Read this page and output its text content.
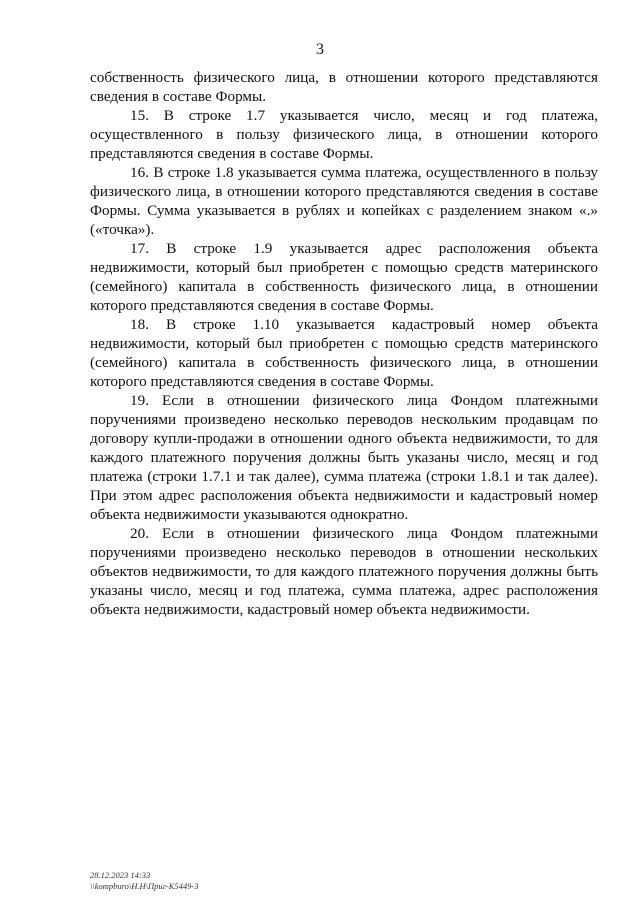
3

собственность физического лица, в отношении которого представляются сведения в составе Формы.

15. В строке 1.7 указывается число, месяц и год платежа, осуществленного в пользу физического лица, в отношении которого представляются сведения в составе Формы.

16. В строке 1.8 указывается сумма платежа, осуществленного в пользу физического лица, в отношении которого представляются сведения в составе Формы. Сумма указывается в рублях и копейках с разделением знаком «.» («точка»).

17. В строке 1.9 указывается адрес расположения объекта недвижимости, который был приобретен с помощью средств материнского (семейного) капитала в собственность физического лица, в отношении которого представляются сведения в составе Формы.

18. В строке 1.10 указывается кадастровый номер объекта недвижимости, который был приобретен с помощью средств материнского (семейного) капитала в собственность физического лица, в отношении которого представляются сведения в составе Формы.

19. Если в отношении физического лица Фондом платежными поручениями произведено несколько переводов нескольким продавцам по договору купли-продажи в отношении одного объекта недвижимости, то для каждого платежного поручения должны быть указаны число, месяц и год платежа (строки 1.7.1 и так далее), сумма платежа (строки 1.8.1 и так далее). При этом адрес расположения объекта недвижимости и кадастровый номер объекта недвижимости указываются однократно.

20. Если в отношении физического лица Фондом платежными поручениями произведено несколько переводов в отношении нескольких объектов недвижимости, то для каждого платежного поручения должны быть указаны число, месяц и год платежа, сумма платежа, адрес расположения объекта недвижимости, кадастровый номер объекта недвижимости.

28.12.2023 14:33
\\kompburo\Н.Н\Приг-К5449-3
